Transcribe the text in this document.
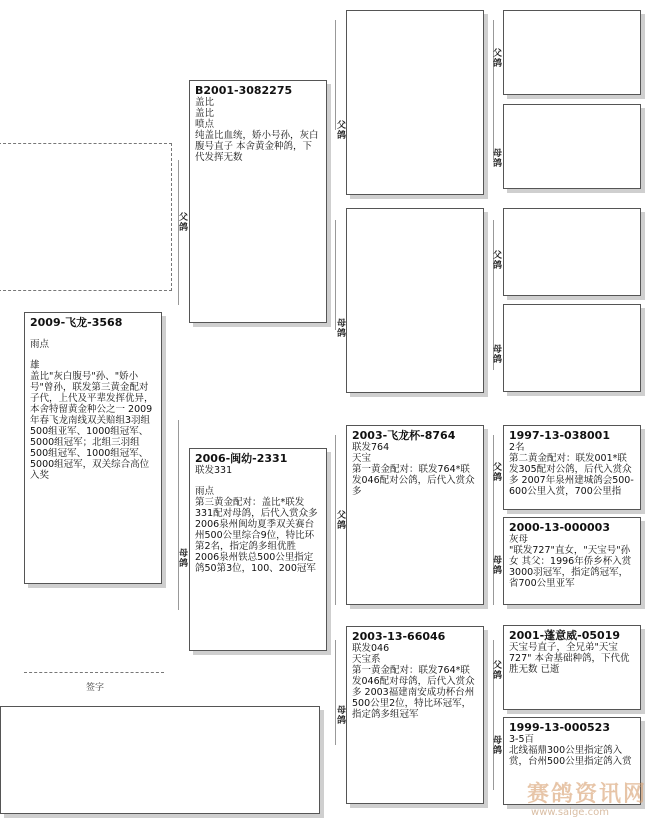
2009-飞龙-3568
雨点
雄
盖比"灰白腹号"孙、"娇小号"曾孙，联发第三黄金配对子代，上代及平辈发挥优异，本舍特留黄金种公之一 2009年春飞龙南线双关赔组3羽组500组亚军、1000组冠军、5000组冠军；北组三羽组500组冠军、1000组冠军、5000组冠军，双关综合高位入奖
B2001-3082275
盖比
盖比
喷点
纯盖比血统，娇小号孙，灰白腹号直子 本舍黄金种鸽，下代发挥无数
父鸽
2006-闽幼-2331
联发331
雨点
第三黄金配对：盖比*联发331配对母鸽，后代入赏众多 2006泉州闽幼夏季双关赛台州500公里综合9位，特比环第2名，指定鸽多组优胜 2006泉州铁总500公里指定鸽50第3位，100、200冠军
母鸽
父鸽
母鸽
父鸽
母鸽
父鸽
母鸽
2003-飞龙杯-8764
联发764
天宝
第一黄金配对：联发764*联发046配对公鸽，后代入赏众多
父鸽
2003-13-66046
联发046
天宝系
第一黄金配对：联发764*联发046配对母鸽，后代入赏众多 2003福建南安成功杯台州500公里2位，特比环冠军，指定鸽多组冠军
母鸽
1997-13-038001
2名
第二黄金配对：联发001*联发305配对公鸽，后代入赏众多 2007年泉州建城鸽会500-600公里入赏，700公里指
父鸽
2000-13-000003
灰母
"联发727"直女，"天宝号"孙女 其父：1996年侨乡杯入赏3000羽冠军，指定鸽冠军，省700公里亚军
母鸽
2001-蓬意威-05019
天宝号直子，全兄弟"天宝727" 本舍基础种鸽，下代优胜无数 已逝
父鸽
1999-13-000523
3-5百
北线福鼎300公里指定鸽入赏，台州500公里指定鸽入赏
母鸽
签字
赛鸽资讯网
www.saige.com
